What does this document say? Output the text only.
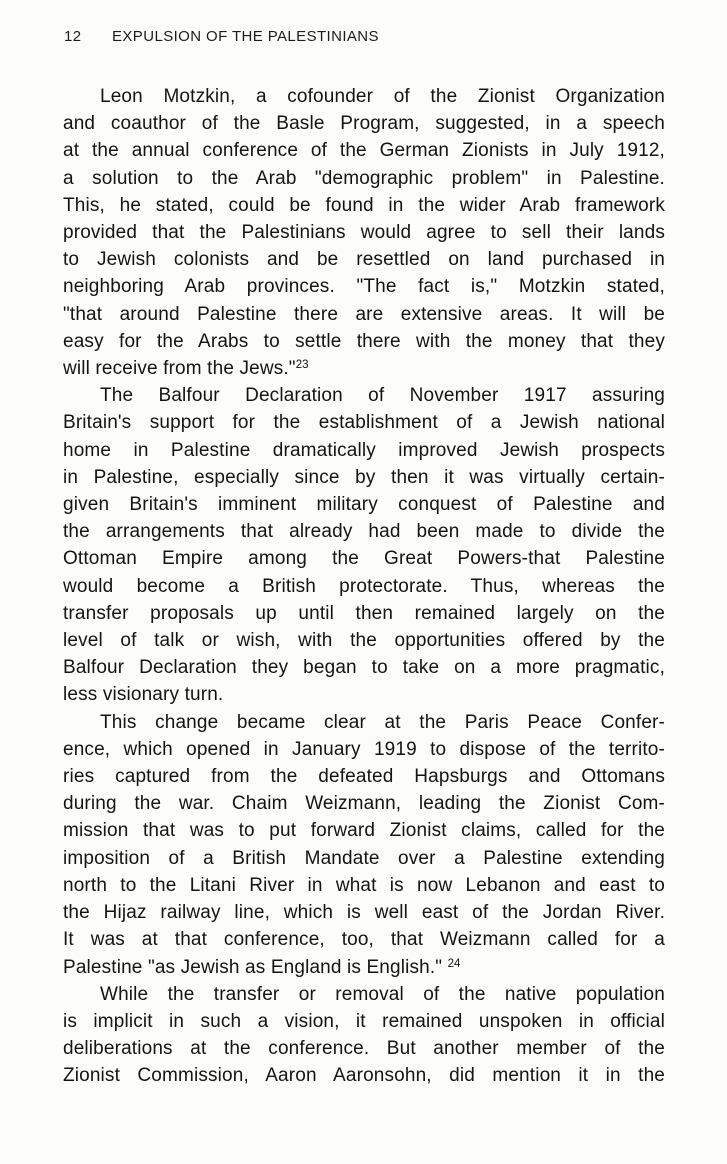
12	EXPULSION OF THE PALESTINIANS
Leon Motzkin, a cofounder of the Zionist Organization
and coauthor of the Basle Program, suggested, in a speech
at the annual conference of the German Zionists in July 1912,
a solution to the Arab "demographic problem" in Palestine.
This, he stated, could be found in the wider Arab framework
provided that the Palestinians would agree to sell their lands
to Jewish colonists and be resettled on land purchased in
neighboring Arab provinces. "The fact is," Motzkin stated,
"that around Palestine there are extensive areas. It will be
easy for the Arabs to settle there with the money that they
will receive from the Jews."$^{23}$
The Balfour Declaration of November 1917 assuring
Britain's support for the establishment of a Jewish national
home in Palestine dramatically improved Jewish prospects
in Palestine, especially since by then it was virtually certain-
given Britain's imminent military conquest of Palestine and
the arrangements that already had been made to divide the
Ottoman Empire among the Great Powers-that Palestine
would become a British protectorate. Thus, whereas the
transfer proposals up until then remained largely on the
level of talk or wish, with the opportunities offered by the
Balfour Declaration they began to take on a more pragmatic,
less visionary turn.
This change became clear at the Paris Peace Confer-
ence, which opened in January 1919 to dispose of the territo-
ries captured from the defeated Hapsburgs and Ottomans
during the war. Chaim Weizmann, leading the Zionist Com-
mission that was to put forward Zionist claims, called for the
imposition of a British Mandate over a Palestine extending
north to the Litani River in what is now Lebanon and east to
the Hijaz railway line, which is well east of the Jordan River.
It was at that conference, too, that Weizmann called for a
Palestine "as Jewish as England is English." $^{24}$
While the transfer or removal of the native population
is implicit in such a vision, it remained unspoken in official
deliberations at the conference. But another member of the
Zionist Commission, Aaron Aaronsohn, did mention it in the
